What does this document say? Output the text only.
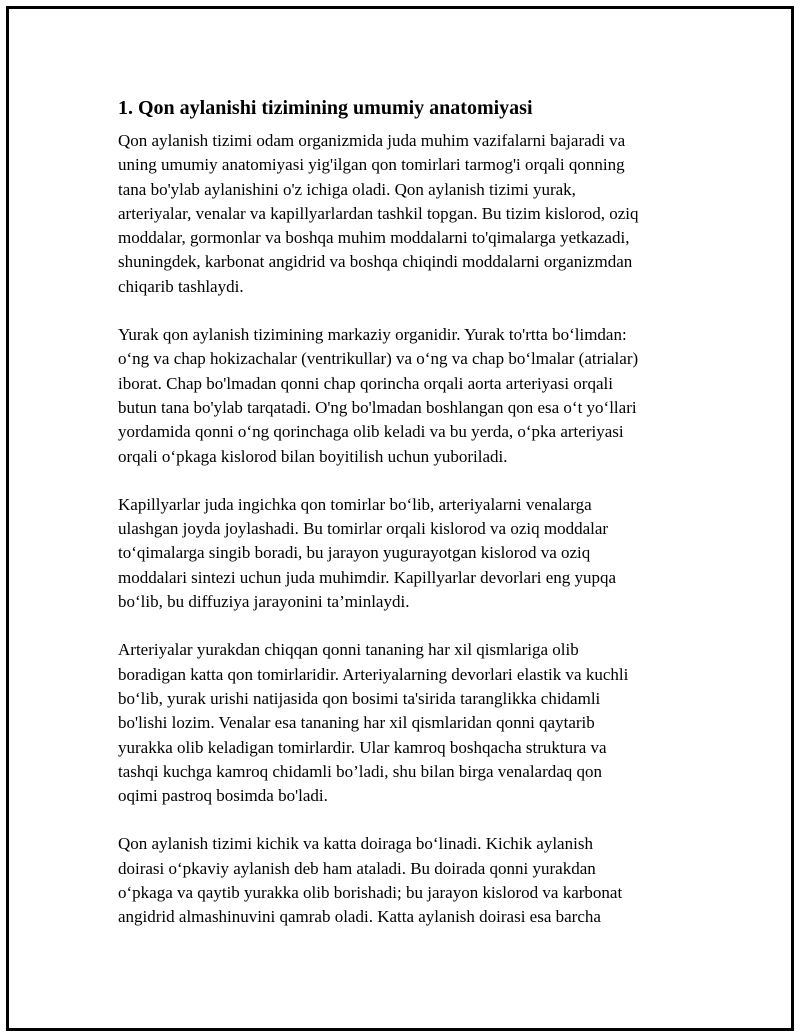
1. Qon aylanishi tizimining umumiy anatomiyasi

Qon aylanish tizimi odam organizmida juda muhim vazifalarni bajaradi va
uning umumiy anatomiyasi yig'ilgan qon tomirlari tarmog'i orqali qonning
tana bo'ylab aylanishini o'z ichiga oladi. Qon aylanish tizimi yurak,
arteriyalar, venalar va kapillyarlardan tashkil topgan. Bu tizim kislorod, oziq
moddalar, gormonlar va boshqa muhim moddalarni to'qimalarga yetkazadi,
shuningdek, karbonat angidrid va boshqa chiqindi moddalarni organizmdan
chiqarib tashlaydi.

Yurak qon aylanish tizimining markaziy organidir. Yurak to'rtta bo‘limdan:
o‘ng va chap hokizachalar (ventrikullar) va o‘ng va chap bo‘lmalar (atrialar)
iborat. Chap bo'lmadan qonni chap qorincha orqali aorta arteriyasi orqali
butun tana bo'ylab tarqatadi. O'ng bo'lmadan boshlangan qon esa o‘t yo‘llari
yordamida qonni o‘ng qorinchaga olib keladi va bu yerda, o‘pka arteriyasi
orqali o‘pkaga kislorod bilan boyitilish uchun yuboriladi.

Kapillyarlar juda ingichka qon tomirlar bo‘lib, arteriyalarni venalarga
ulashgan joyda joylashadi. Bu tomirlar orqali kislorod va oziq moddalar
to‘qimalarga singib boradi, bu jarayon yugurayotgan kislorod va oziq
moddalari sintezi uchun juda muhimdir. Kapillyarlar devorlari eng yupqa
bo‘lib, bu diffuziya jarayonini ta’minlaydi.

Arteriyalar yurakdan chiqqan qonni tananing har xil qismlariga olib
boradigan katta qon tomirlaridir. Arteriyalarning devorlari elastik va kuchli
bo‘lib, yurak urishi natijasida qon bosimi ta'sirida taranglikka chidamli
bo'lishi lozim. Venalar esa tananing har xil qismlaridan qonni qaytarib
yurakka olib keladigan tomirlardir. Ular kamroq boshqacha struktura va
tashqi kuchga kamroq chidamli bo’ladi, shu bilan birga venalardaq qon
oqimi pastroq bosimda bo'ladi.

Qon aylanish tizimi kichik va katta doiraga bo‘linadi. Kichik aylanish
doirasi o‘pkaviy aylanish deb ham ataladi. Bu doirada qonni yurakdan
o‘pkaga va qaytib yurakka olib borishadi; bu jarayon kislorod va karbonat
angidrid almashinuvini qamrab oladi. Katta aylanish doirasi esa barcha
